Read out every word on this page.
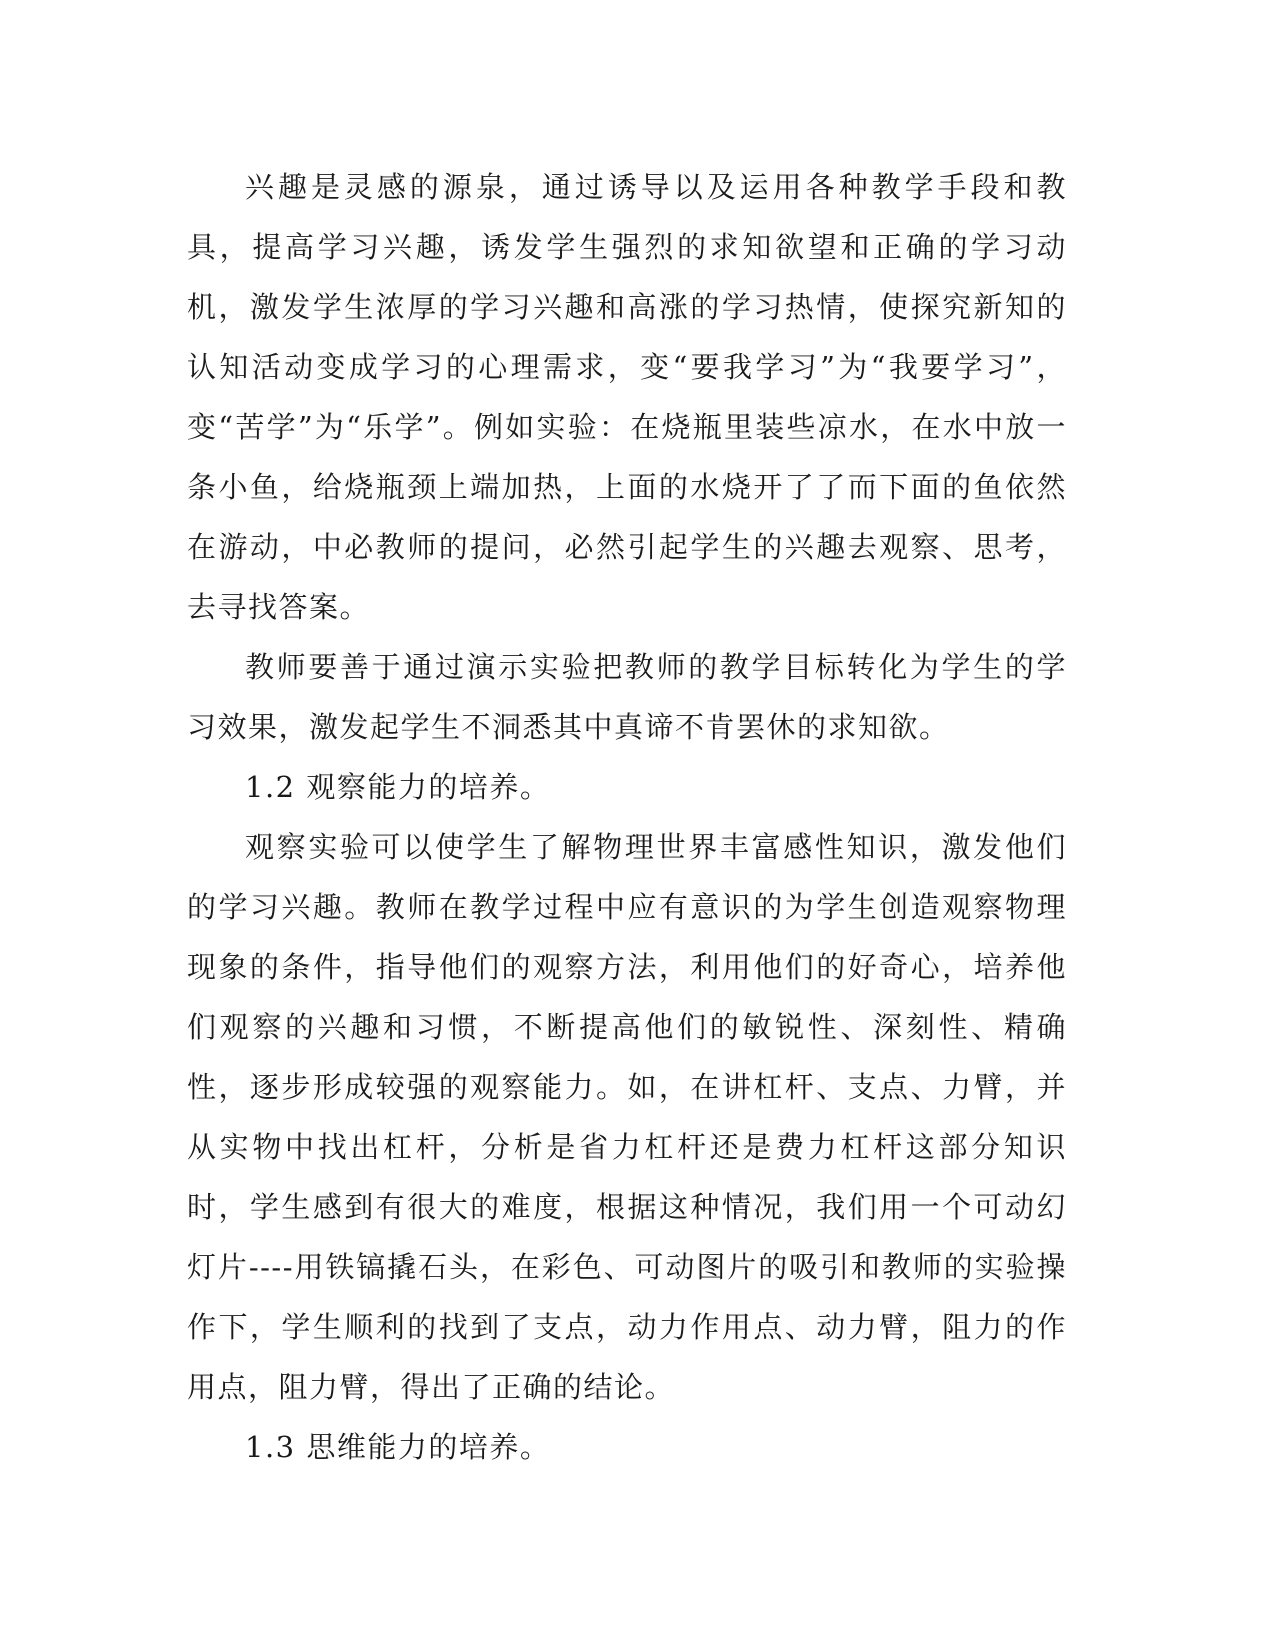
兴趣是灵感的源泉，通过诱导以及运用各种教学手段和教具，提高学习兴趣，诱发学生强烈的求知欲望和正确的学习动机，激发学生浓厚的学习兴趣和高涨的学习热情，使探究新知的认知活动变成学习的心理需求，变“要我学习”为“我要学习”，变“苦学”为“乐学”。例如实验：在烧瓶里装些凉水，在水中放一条小鱼，给烧瓶颈上端加热，上面的水烧开了了而下面的鱼依然在游动，中必教师的提问，必然引起学生的兴趣去观察、思考，去寻找答案。

教师要善于通过演示实验把教师的教学目标转化为学生的学习效果，激发起学生不洞悉其中真谛不肯罢休的求知欲。

1.2 观察能力的培养。

观察实验可以使学生了解物理世界丰富感性知识，激发他们的学习兴趣。教师在教学过程中应有意识的为学生创造观察物理现象的条件，指导他们的观察方法，利用他们的好奇心，培养他们观察的兴趣和习惯，不断提高他们的敏锐性、深刻性、精确性，逐步形成较强的观察能力。如，在讲杠杆、支点、力臂，并从实物中找出杠杆，分析是省力杠杆还是费力杠杆这部分知识时，学生感到有很大的难度，根据这种情况，我们用一个可动幻灯片----用铁镐撬石头，在彩色、可动图片的吸引和教师的实验操作下，学生顺利的找到了支点，动力作用点、动力臂，阻力的作用点，阻力臂，得出了正确的结论。

1.3 思维能力的培养。
